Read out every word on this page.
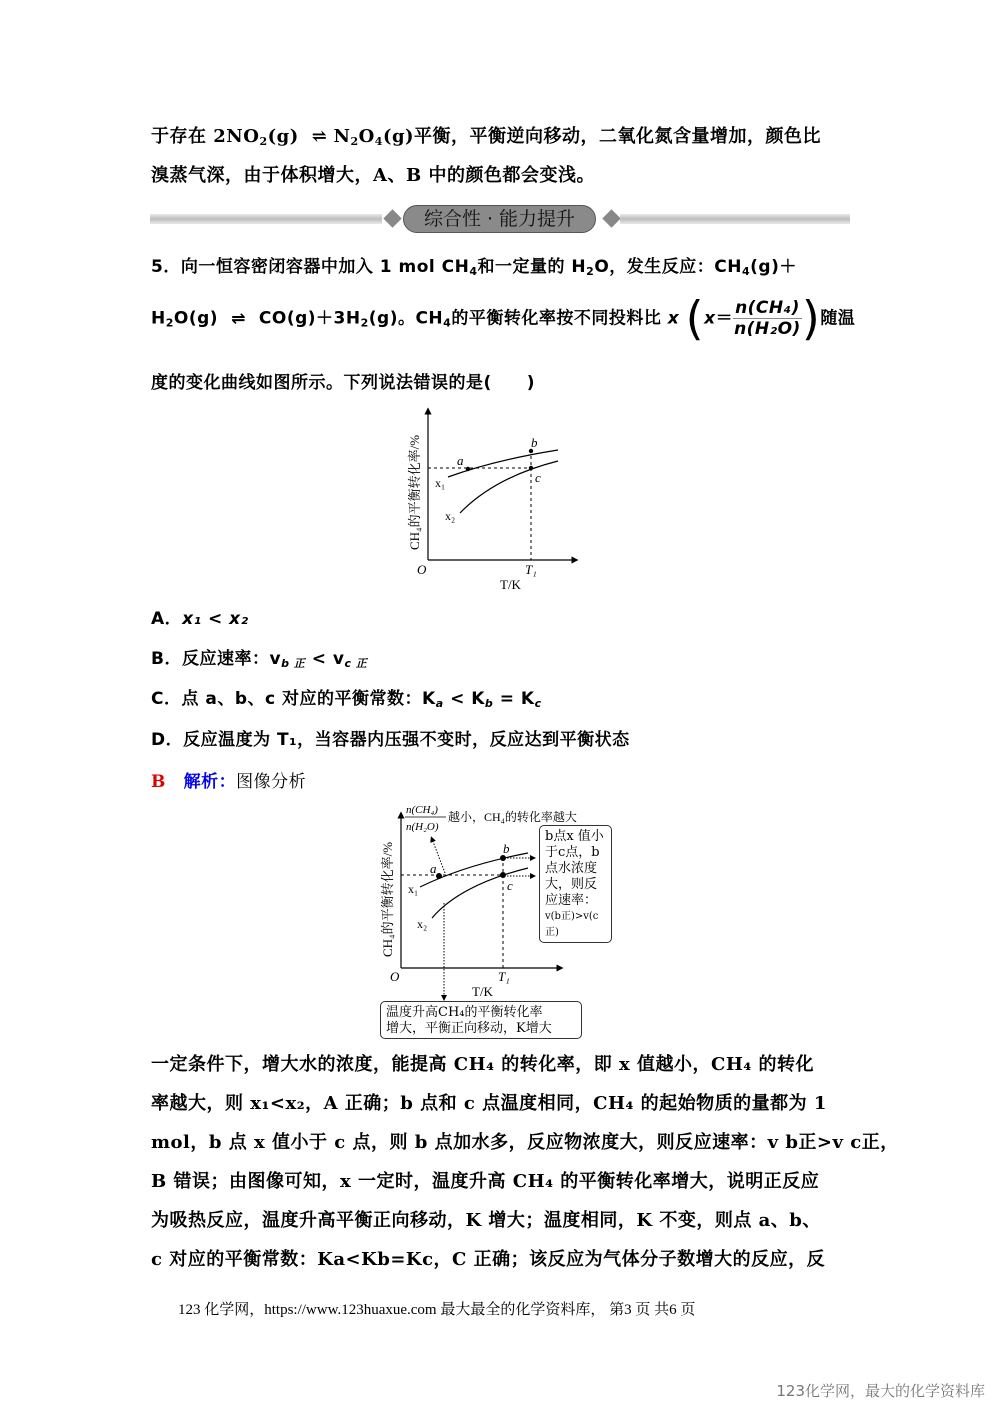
于存在 $2NO_2(g)$ ⇌ $N_2O_4(g)$平衡，平衡逆向移动，二氧化氮含量增加，颜色比
溴蒸气深，由于体积增大，A、B 中的颜色都会变浅。
综合性 · 能力提升
5．向一恒容密闭容器中加入 1 mol $CH_4$和一定量的 $H_2O$，发生反应：$CH_4(g)+$
$H_2O(g)$ ⇌ $CO(g)+3H_2(g)$。$CH_4$的平衡转化率按不同投料比 x ($x= \frac{\text{n(CH₄)}}{\text{n(H₂O)}}$ )随温
度的变化曲线如图所示。下列说法错误的是(　　)
a
b
c
x₁
x₂
O	T₁
T/K
CH₄的平衡转化率/%
A．x₁ < x₂
B．反应速率：$v_{b 正} < v_{c 正}$
C．点 a、b、c 对应的平衡常数：$K_a < K_b = K_c$
D．反应温度为 T₁，当容器内压强不变时，反应达到平衡状态
B 解析：图像分析
a
b
c
x₁
x₂
O	T₁
T/K
CH₄的平衡转化率/%
n(CH₄)
n(H₂O)
越小，CH₄的转化率越大
b点x 值小
于c点，b
点水浓度
大，则反
应速率：
v(b正)>v(c正)
温度升高CH₄的平衡转化率
增大，平衡正向移动，K增大
一定条件下，增大水的浓度，能提高 CH₄ 的转化率，即 x 值越小，CH₄ 的转化
率越大，则 x₁<x₂，A 正确；b 点和 c 点温度相同，CH₄ 的起始物质的量都为 1
mol，b 点 x 值小于 c 点，则 b 点加水多，反应物浓度大，则反应速率：v b正>v c正，
B 错误；由图像可知，x 一定时，温度升高 CH₄ 的平衡转化率增大，说明正反应
为吸热反应，温度升高平衡正向移动，K 增大；温度相同，K 不变，则点 a、b、
c 对应的平衡常数：Ka<Kb=Kc，C 正确；该反应为气体分子数增大的反应，反
123 化学网，https://www.123huaxue.com 最大最全的化学资料库， 第3 页 共6 页
123化学网，最大的化学资料库
